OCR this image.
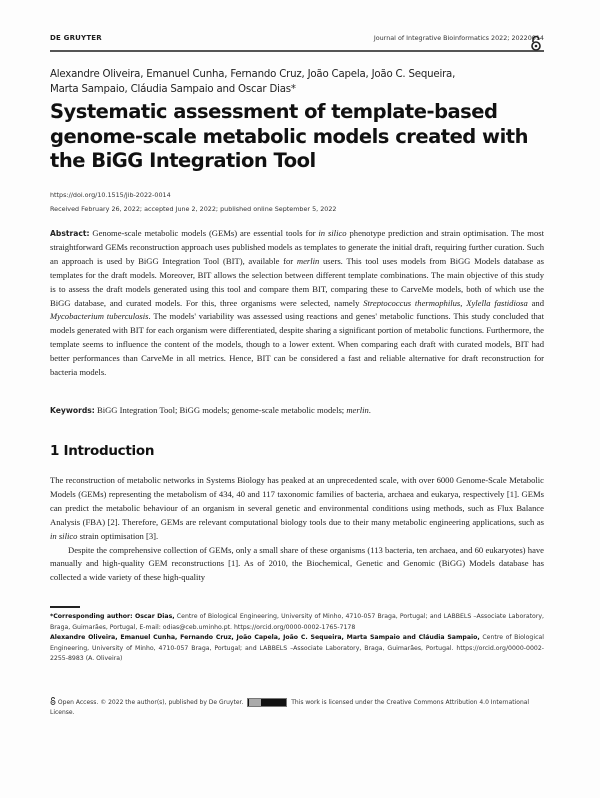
DE GRUYTER	Journal of Integrative Bioinformatics 2022; 20220014
Alexandre Oliveira, Emanuel Cunha, Fernando Cruz, João Capela, João C. Sequeira,
Marta Sampaio, Cláudia Sampaio and Oscar Dias*
Systematic assessment of template-based genome-scale metabolic models created with the BiGG Integration Tool
https://doi.org/10.1515/jib-2022-0014
Received February 26, 2022; accepted June 2, 2022; published online September 5, 2022
Abstract: Genome-scale metabolic models (GEMs) are essential tools for in silico phenotype prediction and strain optimisation. The most straightforward GEMs reconstruction approach uses published models as templates to generate the initial draft, requiring further curation. Such an approach is used by BiGG Integration Tool (BIT), available for merlin users. This tool uses models from BiGG Models database as templates for the draft models. Moreover, BIT allows the selection between different template combinations. The main objective of this study is to assess the draft models generated using this tool and compare them BIT, comparing these to CarveMe models, both of which use the BiGG database, and curated models. For this, three organisms were selected, namely Streptococcus thermophilus, Xylella fastidiosa and Mycobacterium tuberculosis. The models' variability was assessed using reactions and genes' metabolic functions. This study concluded that models generated with BIT for each organism were differentiated, despite sharing a significant portion of metabolic functions. Furthermore, the template seems to influence the content of the models, though to a lower extent. When comparing each draft with curated models, BIT had better performances than CarveMe in all metrics. Hence, BIT can be considered a fast and reliable alternative for draft reconstruction for bacteria models.
Keywords: BiGG Integration Tool; BiGG models; genome-scale metabolic models; merlin.
1 Introduction

The reconstruction of metabolic networks in Systems Biology has peaked at an unprecedented scale, with over 6000 Genome-Scale Metabolic Models (GEMs) representing the metabolism of 434, 40 and 117 taxonomic families of bacteria, archaea and eukarya, respectively [1]. GEMs can predict the metabolic behaviour of an organism in several genetic and environmental conditions using methods, such as Flux Balance Analysis (FBA) [2]. Therefore, GEMs are relevant computational biology tools due to their many metabolic engineering applications, such as in silico strain optimisation [3].

Despite the comprehensive collection of GEMs, only a small share of these organisms (113 bacteria, ten archaea, and 60 eukaryotes) have manually and high-quality GEM reconstructions [1]. As of 2010, the Biochemical, Genetic and Genomic (BiGG) Models database has collected a wide variety of these high-quality

*Corresponding author: Oscar Dias, Centre of Biological Engineering, University of Minho, 4710-057 Braga, Portugal; and LABBELS –Associate Laboratory, Braga, Guimarães, Portugal, E-mail: odias@ceb.uminho.pt. https://orcid.org/0000-0002-1765-7178

Alexandre Oliveira, Emanuel Cunha, Fernando Cruz, João Capela, João C. Sequeira, Marta Sampaio and Cláudia Sampaio, Centre of Biological Engineering, University of Minho, 4710-057 Braga, Portugal; and LABBELS –Associate Laboratory, Braga, Guimarães, Portugal. https://orcid.org/0000-0002-2255-8983 (A. Oliveira)

Open Access. © 2022 the author(s), published by De Gruyter.	This work is licensed under the Creative Commons Attribution 4.0 International License.
